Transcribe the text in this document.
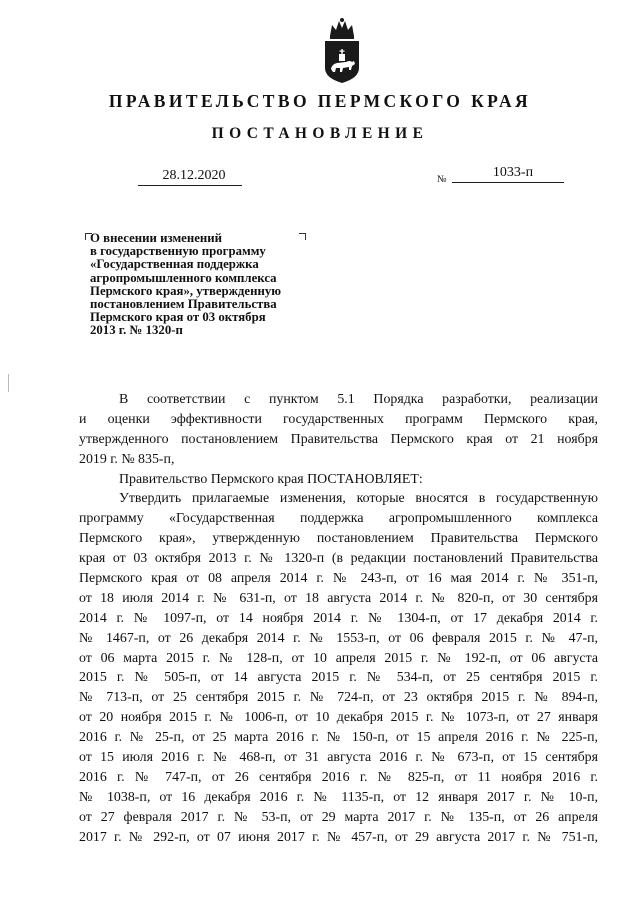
ПРАВИТЕЛЬСТВО ПЕРМСКОГО КРАЯ
ПОСТАНОВЛЕНИЕ
28.12.2020	№	1033-п
О внесении изменений
в государственную программу
«Государственная поддержка
агропромышленного комплекса
Пермского края», утвержденную
постановлением Правительства
Пермского края от 03 октября
2013 г. № 1320-п
В соответствии с пунктом 5.1 Порядка разработки, реализации
и оценки эффективности государственных программ Пермского края,
утвержденного постановлением Правительства Пермского края от 21 ноября
2019 г. № 835-п,
Правительство Пермского края ПОСТАНОВЛЯЕТ:
Утвердить прилагаемые изменения, которые вносятся в государственную
программу «Государственная поддержка агропромышленного комплекса
Пермского края», утвержденную постановлением Правительства Пермского
края от 03 октября 2013 г. № 1320-п (в редакции постановлений Правительства
Пермского края от 08 апреля 2014 г. № 243-п, от 16 мая 2014 г. № 351-п,
от 18 июля 2014 г. № 631-п, от 18 августа 2014 г. № 820-п, от 30 сентября
2014 г. № 1097-п, от 14 ноября 2014 г. № 1304-п, от 17 декабря 2014 г.
№ 1467-п, от 26 декабря 2014 г. № 1553-п, от 06 февраля 2015 г. № 47-п,
от 06 марта 2015 г. № 128-п, от 10 апреля 2015 г. № 192-п, от 06 августа
2015 г. № 505-п, от 14 августа 2015 г. № 534-п, от 25 сентября 2015 г.
№ 713-п, от 25 сентября 2015 г. № 724-п, от 23 октября 2015 г. № 894-п,
от 20 ноября 2015 г. № 1006-п, от 10 декабря 2015 г. № 1073-п, от 27 января
2016 г. № 25-п, от 25 марта 2016 г. № 150-п, от 15 апреля 2016 г. № 225-п,
от 15 июля 2016 г. № 468-п, от 31 августа 2016 г. № 673-п, от 15 сентября
2016 г. № 747-п, от 26 сентября 2016 г. № 825-п, от 11 ноября 2016 г.
№ 1038-п, от 16 декабря 2016 г. № 1135-п, от 12 января 2017 г. № 10-п,
от 27 февраля 2017 г. № 53-п, от 29 марта 2017 г. № 135-п, от 26 апреля
2017 г. № 292-п, от 07 июня 2017 г. № 457-п, от 29 августа 2017 г. № 751-п,
